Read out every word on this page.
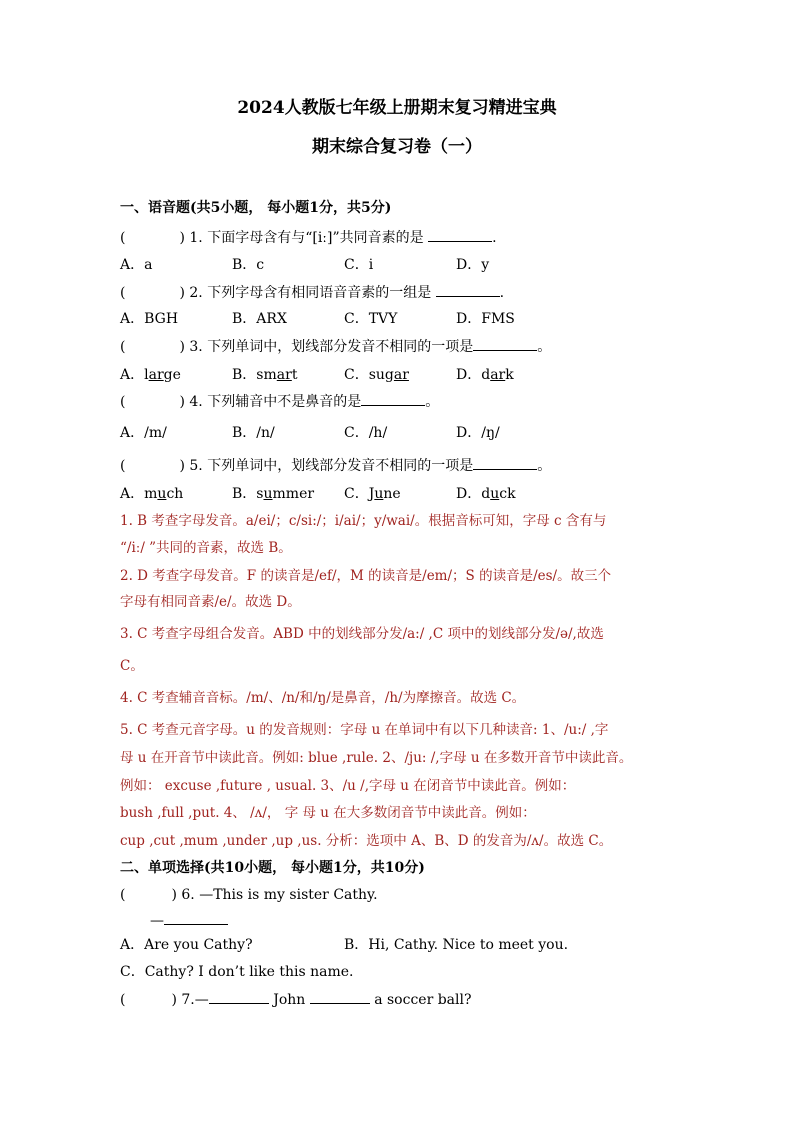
2024人教版七年级上册期末复习精进宝典
期末综合复习卷（一）
一、语音题(共5小题， 每小题1分，共5分)
(	) 1. 下面字母含有与“[iː]”共同音素的是	.
A．a	B．c	C．i	D．y
(	) 2. 下列字母含有相同语音音素的一组是	.
A．BGH	B．ARX	C．TVY	D．FMS
(	) 3. 下列单词中，划线部分发音不相同的一项是	。
A．large	B．smart	C．sugar	D．dark
(	) 4. 下列辅音中不是鼻音的是	。
A．/m/	B．/n/	C．/h/	D．/ŋ/
(	) 5. 下列单词中，划线部分发音不相同的一项是	。
A．much	B．summer C．June	D．duck
1. B 考查字母发音。a/ei/；c/si:/；i/ai/；y/wai/。根据音标可知，字母 c 含有与
“/iː/ ”共同的音素，故选 B。
2. D 考查字母发音。F 的读音是/ef/，M 的读音是/em/；S 的读音是/es/。故三个
字母有相同音素/e/。故选 D。
3. C 考查字母组合发音。ABD 中的划线部分发/a:/ ,C 项中的划线部分发/ə/,故选
C。
4. C 考查辅音音标。/m/、/n/和/ŋ/是鼻音，/h/为摩擦音。故选 C。
5. C 考查元音字母。u 的发音规则：字母 u 在单词中有以下几种读音: 1、/u:/ ,字
母 u 在开音节中读此音。例如: blue ,rule. 2、/ju: /,字母 u 在多数开音节中读此音。
例如： excuse ,future , usual. 3、/u /,字母 u 在闭音节中读此音。例如：
bush ,full ,put. 4、 /ʌ/， 字 母 u 在大多数闭音节中读此音。例如：
cup ,cut ,mum ,under ,up ,us. 分析：选项中 A、B、D 的发音为/ʌ/。故选 C。
二、单项选择(共10小题， 每小题1分，共10分)
(	) 6. —This is my sister Cathy.
—
A．Are you Cathy?	B．Hi, Cathy. Nice to meet you.
C．Cathy? I don’t like this name.
(	) 7.—	John	a soccer ball?
